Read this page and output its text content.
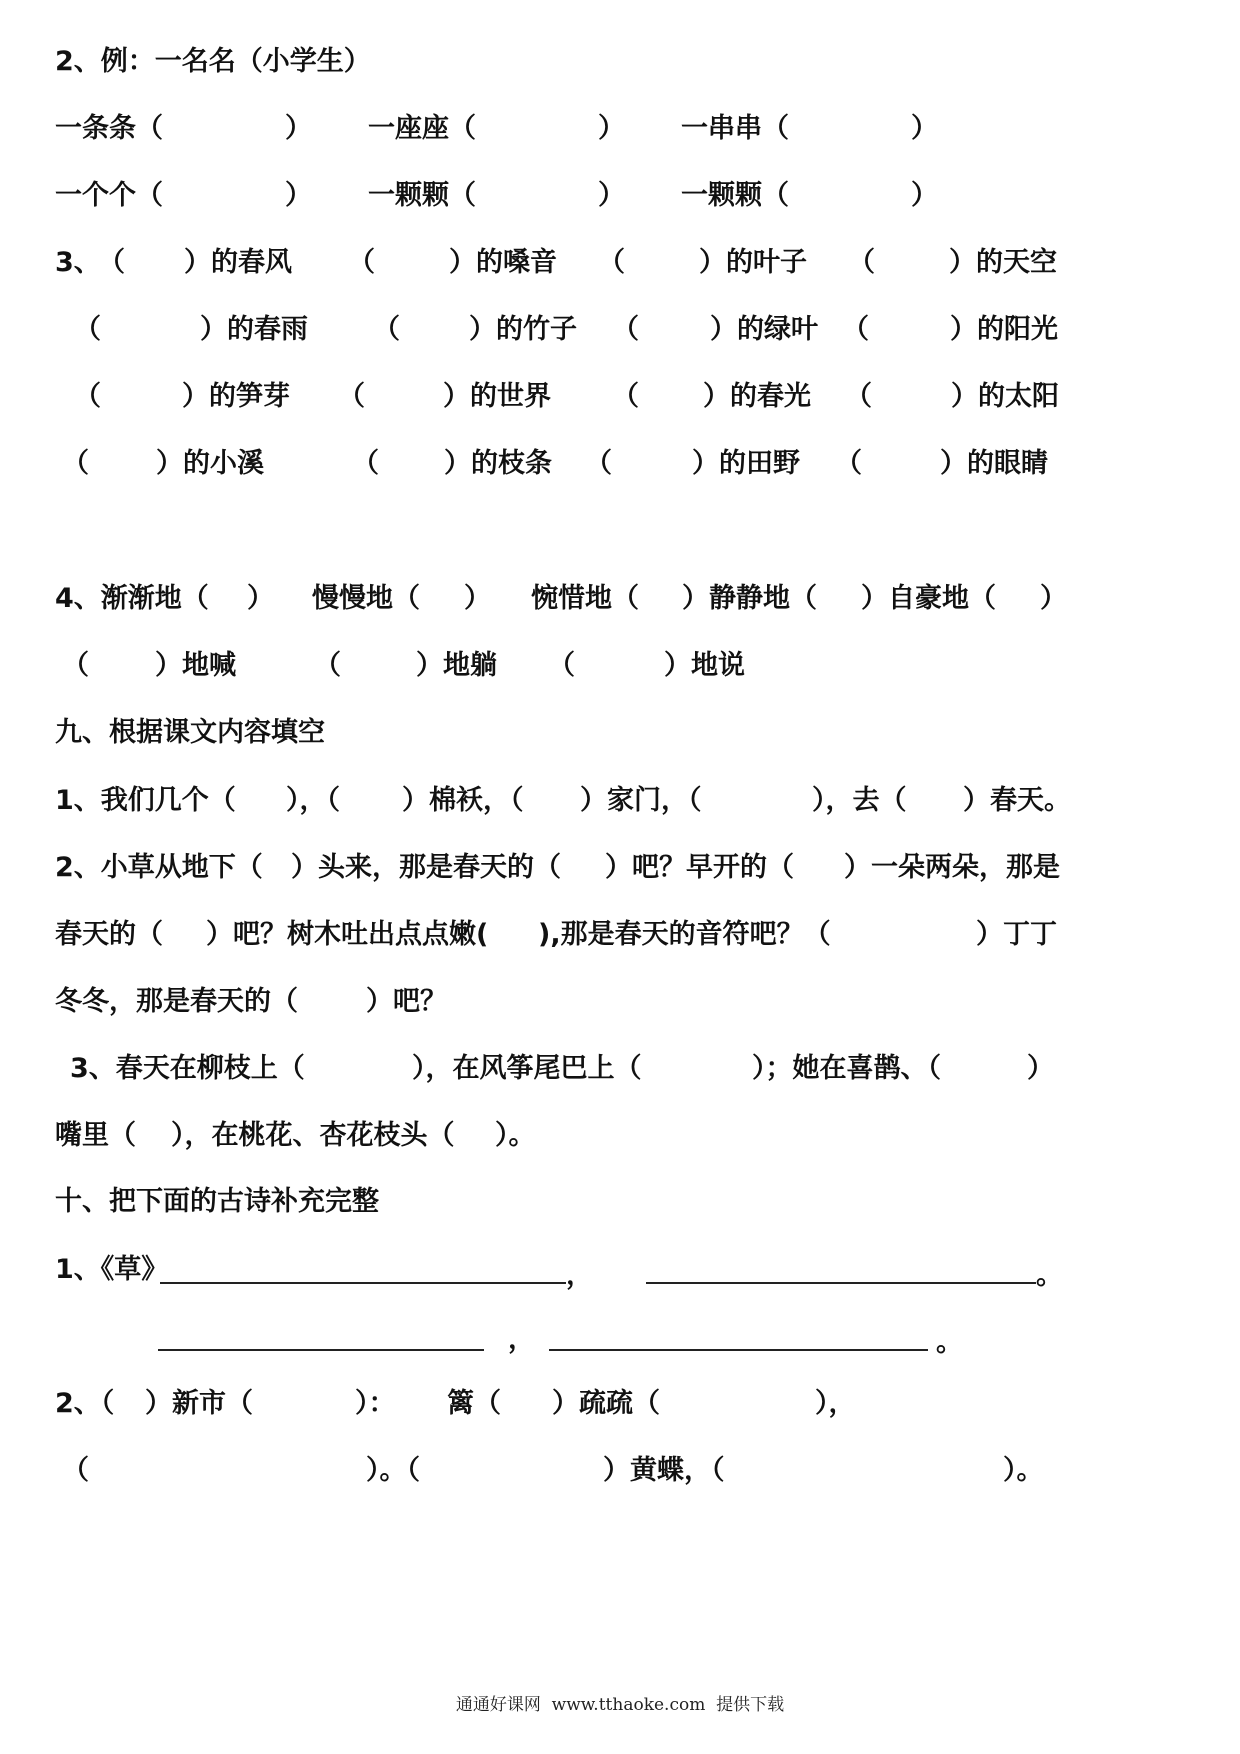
2、例：一名名（小学生）
一条条（	） 一座座（	） 一串串（	）
一个个（	） 一颗颗（	） 一颗颗（	）
3、
（ ）的春风 （	）的嗓音 （	）的叶子 （	）的天空
（	）的春雨 （	）的竹子 （	）的绿叶 （	）的阳光
（	）的笋芽 （	）的世界 （ ）的春光 （	）的太阳
（ ）的小溪	（ ）的枝条 （	）的田野 （	）的眼睛
4、渐渐地（ ） 慢慢地（ ） 惋惜地（ ）静静地（ ）自豪地（ ）
（ ）地喊	（	）地躺 （	）地说
九、根据课文内容填空
1、我们几个（ ），（ ）棉袄，（ ）家门，（	），去（ ）春天。
2、小草从地下（ ）头来，那是春天的（ ）吧？早开的（ ）一朵两朵，那是
春天的（ ）吧？树木吐出点点嫩( ),那是春天的音符吧？（	）丁丁
冬冬，那是春天的（	）吧？
3、春天在柳枝上（	），在风筝尾巴上（	）；她在喜鹊、（	）
嘴里（ ），在桃花、杏花枝头（ ）。
十、把下面的古诗补充完整
1、《草》	，	。
，	。
2、（ ）新市（	）： 篱（ ）疏疏（	），
（	）。（	）黄蝶，（	）。
通通好课网  www.tthaoke.com  提供下载
